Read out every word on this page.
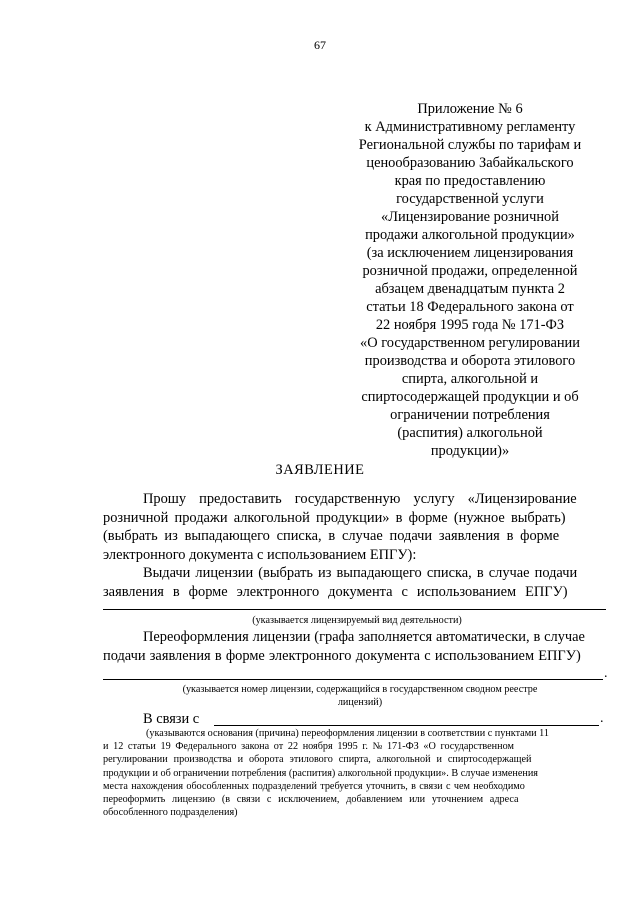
67
Приложение № 6
к Административному регламенту
Региональной службы по тарифам и
ценообразованию Забайкальского
края по предоставлению
государственной услуги
«Лицензирование розничной
продажи алкогольной продукции»
(за исключением лицензирования
розничной продажи, определенной
абзацем двенадцатым пункта 2
статьи 18 Федерального закона от
22 ноября 1995 года № 171-ФЗ
«О государственном регулировании
производства и оборота этилового
спирта, алкогольной и
спиртосодержащей продукции и об
ограничении потребления
(распития) алкогольной
продукции)»
ЗАЯВЛЕНИЕ
Прошу предоставить государственную услугу «Лицензирование
розничной продажи алкогольной продукции» в форме (нужное выбрать)
(выбрать из выпадающего списка, в случае подачи заявления в форме
электронного документа с использованием ЕПГУ):
Выдачи лицензии (выбрать из выпадающего списка, в случае подачи
заявления в форме электронного документа с использованием ЕПГУ)
(указывается лицензируемый вид деятельности)
Переоформления лицензии (графа заполняется автоматически, в случае
подачи заявления в форме электронного документа с использованием ЕПГУ)
.
(указывается номер лицензии, содержащийся в государственном сводном реестре
лицензий)
В связи с	.
(указываются основания (причина) переоформления лицензии в соответствии с пунктами 11
и 12 статьи 19 Федерального закона от 22 ноября 1995 г. № 171-ФЗ «О государственном
регулировании производства и оборота этилового спирта, алкогольной и спиртосодержащей
продукции и об ограничении потребления (распития) алкогольной продукции». В случае изменения
места нахождения обособленных подразделений требуется уточнить, в связи с чем необходимо
переоформить лицензию (в связи с исключением, добавлением или уточнением адреса
обособленного подразделения)
